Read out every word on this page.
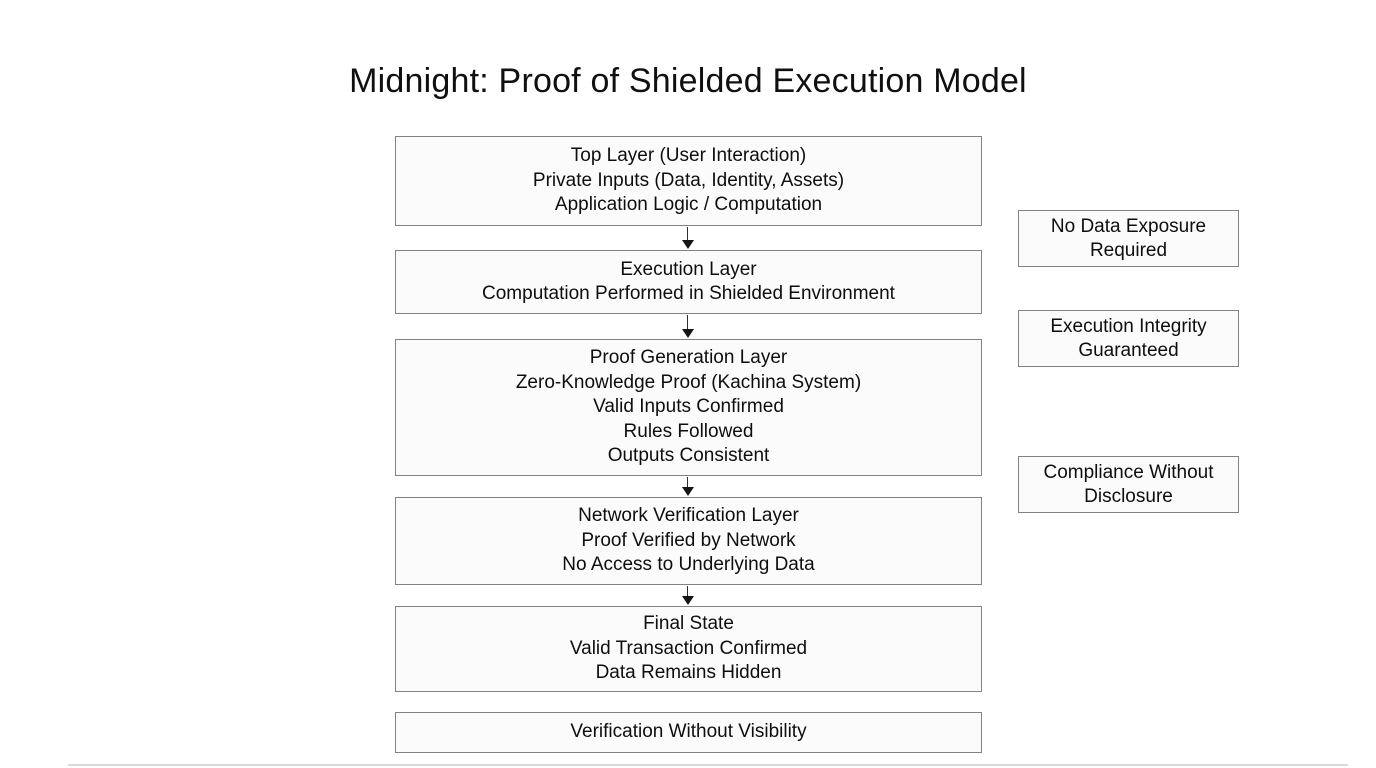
Midnight: Proof of Shielded Execution Model
Top Layer (User Interaction)
Private Inputs (Data, Identity, Assets)
Application Logic / Computation
Execution Layer
Computation Performed in Shielded Environment
Proof Generation Layer
Zero-Knowledge Proof (Kachina System)
Valid Inputs Confirmed
Rules Followed
Outputs Consistent
Network Verification Layer
Proof Verified by Network
No Access to Underlying Data
Final State
Valid Transaction Confirmed
Data Remains Hidden
Verification Without Visibility
No Data Exposure
Required
Execution Integrity
Guaranteed
Compliance Without
Disclosure
